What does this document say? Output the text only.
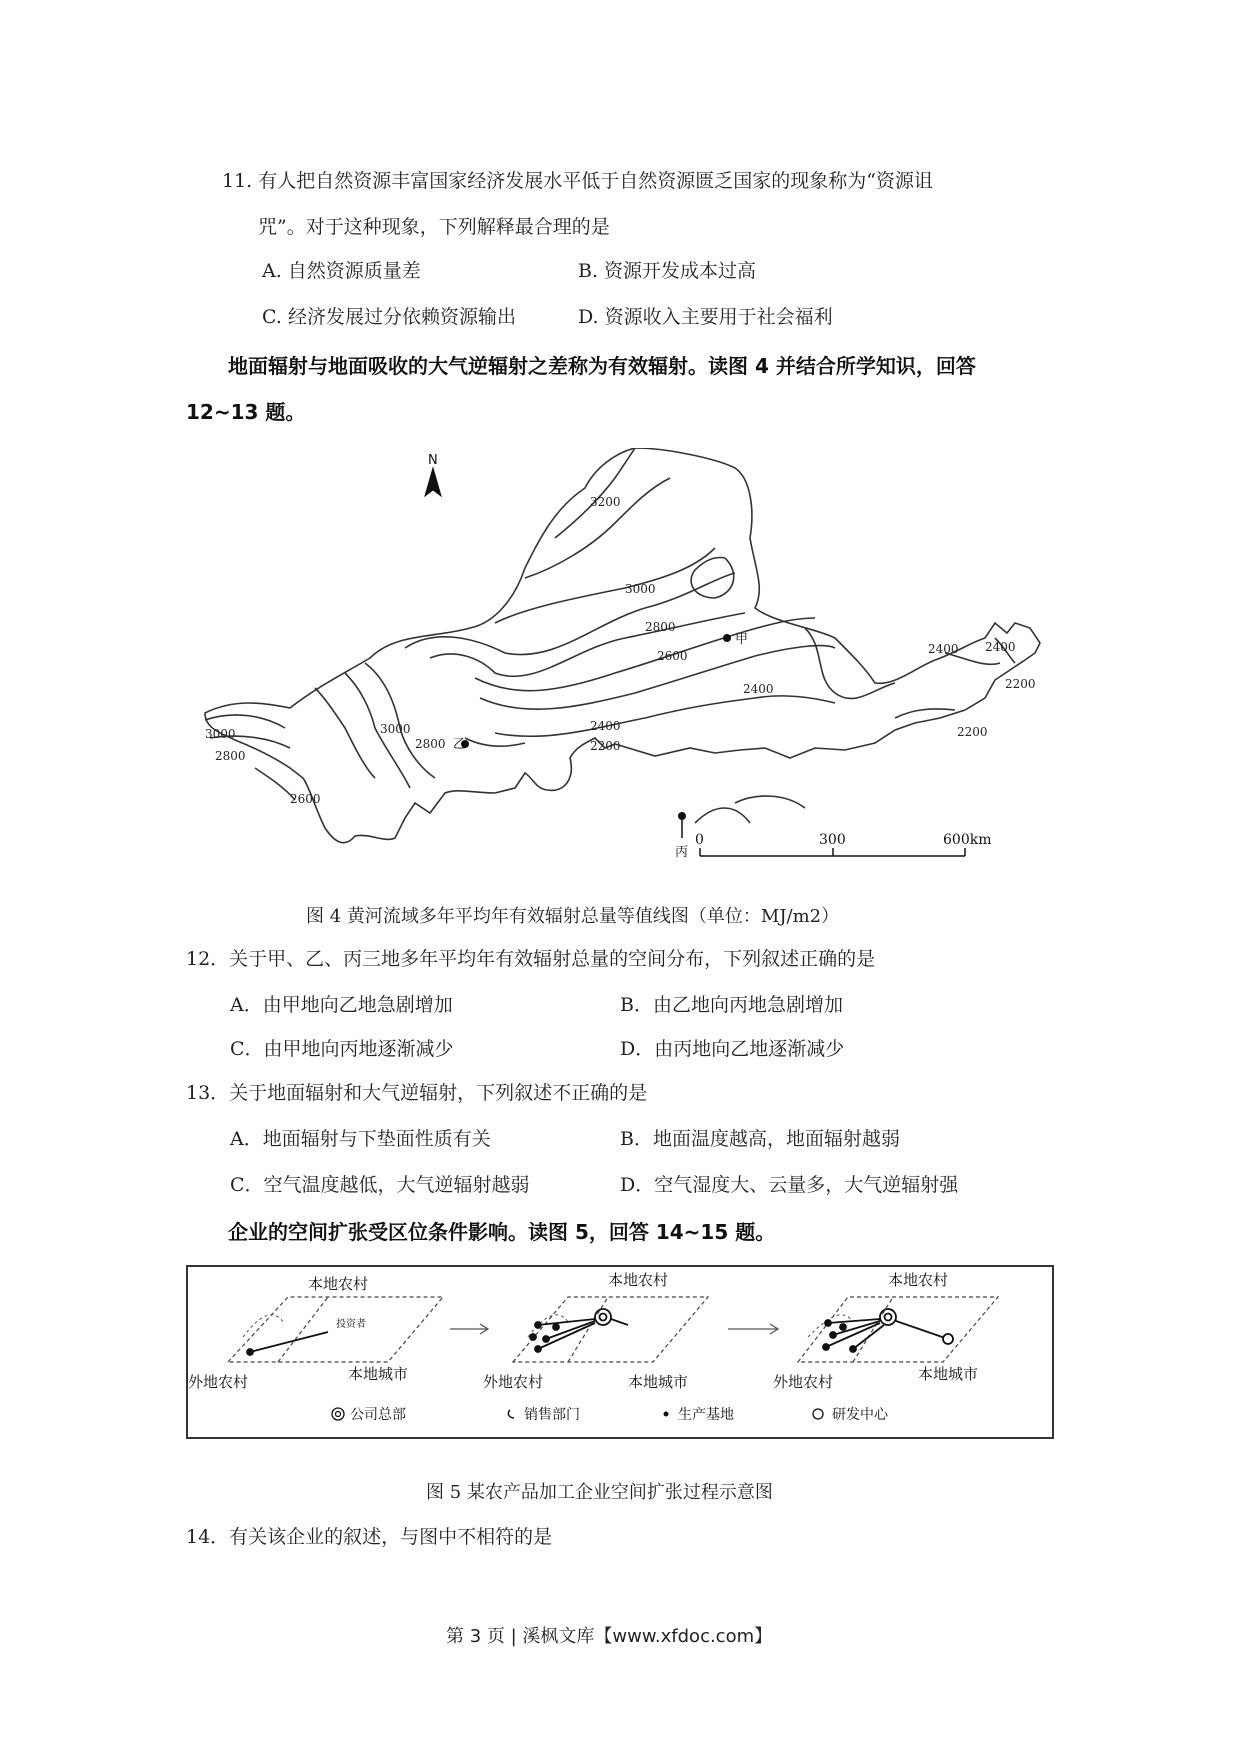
11. 有人把自然资源丰富国家经济发展水平低于自然资源匮乏国家的现象称为“资源诅
咒”。对于这种现象，下列解释最合理的是
A. 自然资源质量差	B. 资源开发成本过高
C. 经济发展过分依赖资源输出	D. 资源收入主要用于社会福利
地面辐射与地面吸收的大气逆辐射之差称为有效辐射。读图 4 并结合所学知识，回答
12~13 题。
N
3200
3000
2800
2600
2400
2400
2200
3000
2800
2600
3000
2800
2400 2400
2200
2200
甲
乙
丙
0	300	600km
图 4 黄河流域多年平均年有效辐射总量等值线图（单位：MJ/m2）
12．关于甲、乙、丙三地多年平均年有效辐射总量的空间分布，下列叙述正确的是
A．由甲地向乙地急剧增加	B．由乙地向丙地急剧增加
C．由甲地向丙地逐渐减少	D．由丙地向乙地逐渐减少
13．关于地面辐射和大气逆辐射，下列叙述不正确的是
A．地面辐射与下垫面性质有关	B．地面温度越高，地面辐射越弱
C．空气温度越低，大气逆辐射越弱	D．空气湿度大、云量多，大气逆辐射强
企业的空间扩张受区位条件影响。读图 5，回答 14~15 题。
本地农村
外地农村	本地城市
投资者
本地农村
外地农村	本地城市
本地农村
外地农村	本地城市
公司总部	销售部门	生产基地	研发中心
图 5 某农产品加工企业空间扩张过程示意图
14．有关该企业的叙述，与图中不相符的是
第 3 页 | 溪枫文库【www.xfdoc.com】
